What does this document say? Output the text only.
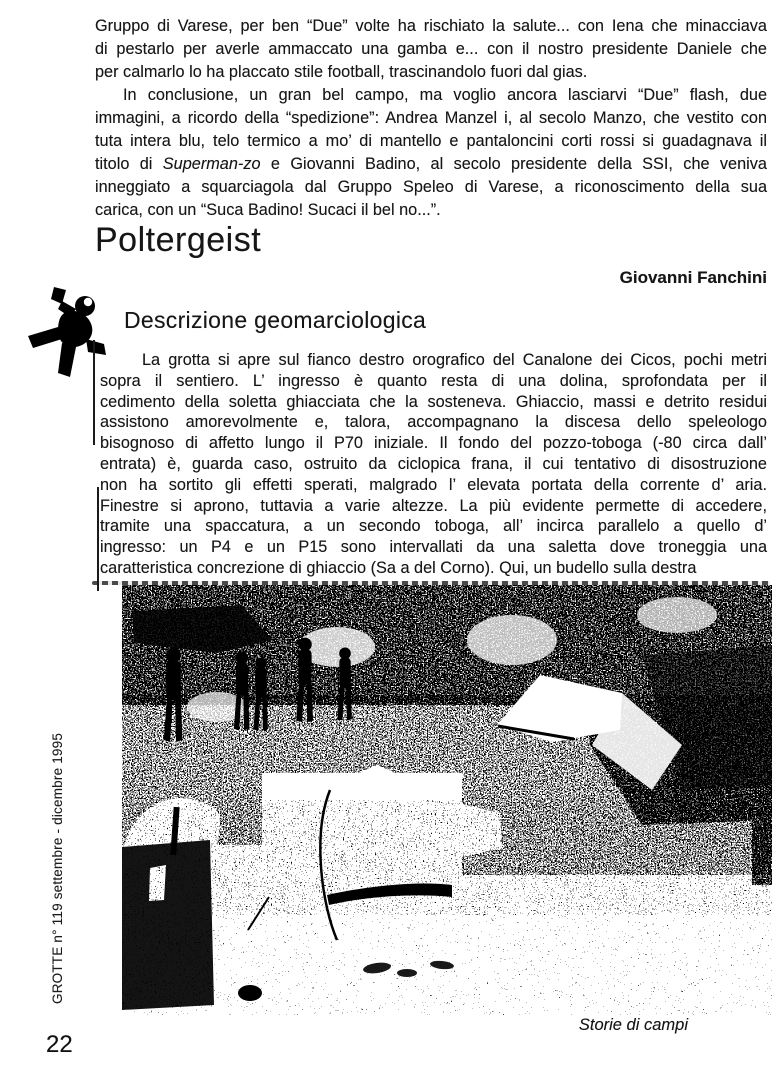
Gruppo di Varese, per ben “Due” volte ha rischiato la salute... con Iena che minacciava
di pestarlo per averle ammaccato una gamba e... con il nostro presidente Daniele che
per calmarlo lo ha placcato stile football, trascinandolo fuori dal gias.
In conclusione, un gran bel campo, ma voglio ancora lasciarvi “Due” flash, due
immagini, a ricordo della “spedizione”: Andrea Manzel i, al secolo Manzo, che vestito con
tuta intera blu, telo termico a mo’ di mantello e pantaloncini corti rossi si guadagnava il
titolo di Superman-zo e Giovanni Badino, al secolo presidente della SSI, che veniva
inneggiato a squarciagola dal Gruppo Speleo di Varese, a riconoscimento della sua
carica, con un “Suca Badino! Sucaci il bel no...”.
Poltergeist
Giovanni Fanchini
Descrizione geomarciologica
La grotta si apre sul fianco destro orografico del Canalone dei Cicos, pochi metri
sopra il sentiero. L’ ingresso è quanto resta di una dolina, sprofondata per il
cedimento della soletta ghiacciata che la sosteneva. Ghiaccio, massi e detrito residui
assistono amorevolmente e, talora, accompagnano la discesa dello speleologo
bisognoso di affetto lungo il P70 iniziale. Il fondo del pozzo-toboga (-80 circa dall’
entrata) è, guarda caso, ostruito da ciclopica frana, il cui tentativo di disostruzione
non ha sortito gli effetti sperati, malgrado l’ elevata portata della corrente d’ aria.
Finestre si aprono, tuttavia a varie altezze. La più evidente permette di accedere,
tramite una spaccatura, a un secondo toboga, all’ incirca parallelo a quello d’
ingresso: un P4 e un P15 sono intervallati da una saletta dove troneggia una
caratteristica concrezione di ghiaccio (Sa a del Corno). Qui, un budello sulla destra
Storie di campi
GROTTE n° 119 settembre - dicembre 1995
22
